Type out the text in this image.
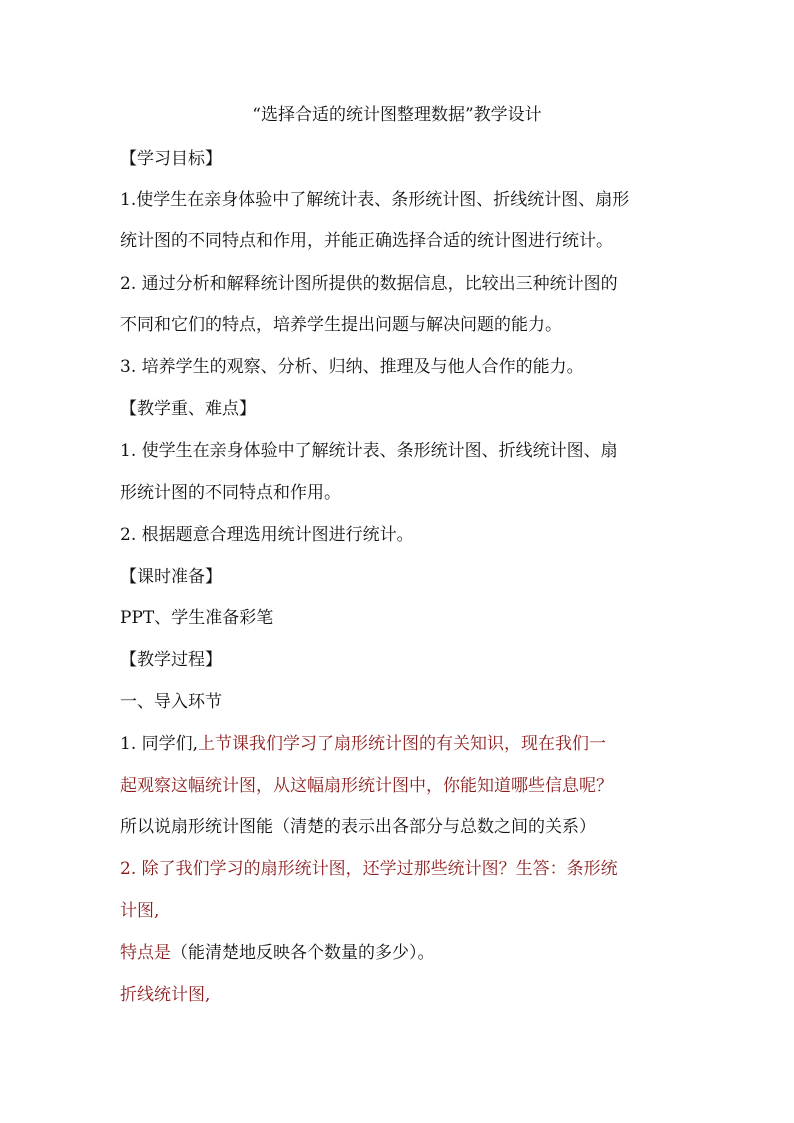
“选择合适的统计图整理数据”教学设计
【学习目标】
1.使学生在亲身体验中了解统计表、条形统计图、折线统计图、扇形
统计图的不同特点和作用，并能正确选择合适的统计图进行统计。
2. 通过分析和解释统计图所提供的数据信息，比较出三种统计图的
不同和它们的特点，培养学生提出问题与解决问题的能力。
3. 培养学生的观察、分析、归纳、推理及与他人合作的能力。
【教学重、难点】
1. 使学生在亲身体验中了解统计表、条形统计图、折线统计图、扇
形统计图的不同特点和作用。
2. 根据题意合理选用统计图进行统计。
【课时准备】
PPT、学生准备彩笔
【教学过程】
一、导入环节
1. 同学们,上节课我们学习了扇形统计图的有关知识，现在我们一
起观察这幅统计图，从这幅扇形统计图中，你能知道哪些信息呢？
所以说扇形统计图能（清楚的表示出各部分与总数之间的关系）
2. 除了我们学习的扇形统计图，还学过那些统计图？生答：条形统
计图,
特点是（能清楚地反映各个数量的多少）。
折线统计图,
